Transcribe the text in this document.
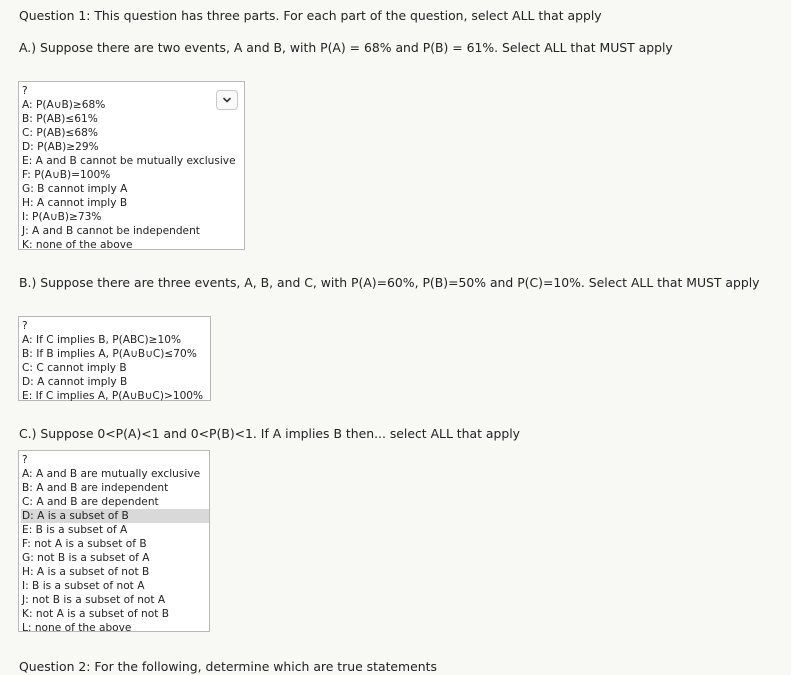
Question 1: This question has three parts. For each part of the question, select ALL that apply
A.) Suppose there are two events, A and B, with P(A) = 68% and P(B) = 61%. Select ALL that MUST apply
?
A: P(A∪B)≥68%
B: P(AB)≤61%
C: P(AB)≤68%
D: P(AB)≥29%
E: A and B cannot be mutually exclusive
F: P(A∪B)=100%
G: B cannot imply A
H: A cannot imply B
I: P(A∪B)≥73%
J: A and B cannot be independent
K: none of the above
B.) Suppose there are three events, A, B, and C, with P(A)=60%, P(B)=50% and P(C)=10%. Select ALL that MUST apply
?
A: If C implies B, P(ABC)≥10%
B: If B implies A, P(A∪B∪C)≤70%
C: C cannot imply B
D: A cannot imply B
E: If C implies A, P(A∪B∪C)>100%
C.) Suppose 0<P(A)<1 and 0<P(B)<1. If A implies B then... select ALL that apply
?
A: A and B are mutually exclusive
B: A and B are independent
C: A and B are dependent
D: A is a subset of B
E: B is a subset of A
F: not A is a subset of B
G: not B is a subset of A
H: A is a subset of not B
I: B is a subset of not A
J: not B is a subset of not A
K: not A is a subset of not B
L: none of the above
Question 2: For the following, determine which are true statements
